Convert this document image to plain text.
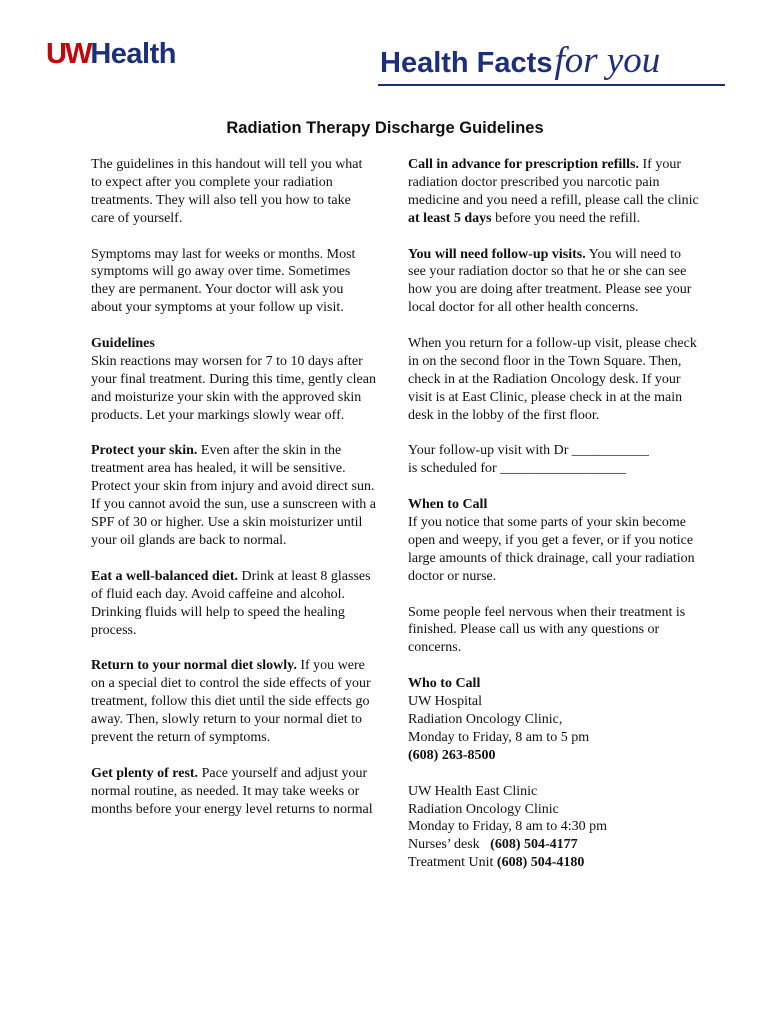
UWHealth	Health Factsfor you
Radiation Therapy Discharge Guidelines

The guidelines in this handout will tell you what to expect after you complete your radiation treatments. They will also tell you how to take care of yourself.

Symptoms may last for weeks or months. Most symptoms will go away over time. Sometimes they are permanent. Your doctor will ask you about your symptoms at your follow up visit.

Guidelines
Skin reactions may worsen for 7 to 10 days after your final treatment. During this time, gently clean and moisturize your skin with the approved skin products. Let your markings slowly wear off.

Protect your skin. Even after the skin in the treatment area has healed, it will be sensitive. Protect your skin from injury and avoid direct sun. If you cannot avoid the sun, use a sunscreen with a SPF of 30 or higher. Use a skin moisturizer until your oil glands are back to normal.

Eat a well-balanced diet. Drink at least 8 glasses of fluid each day. Avoid caffeine and alcohol. Drinking fluids will help to speed the healing process.

Return to your normal diet slowly. If you were on a special diet to control the side effects of your treatment, follow this diet until the side effects go away. Then, slowly return to your normal diet to prevent the return of symptoms.

Get plenty of rest. Pace yourself and adjust your normal routine, as needed. It may take weeks or months before your energy level returns to normal

Call in advance for prescription refills. If your radiation doctor prescribed you narcotic pain medicine and you need a refill, please call the clinic at least 5 days before you need the refill.

You will need follow-up visits. You will need to see your radiation doctor so that he or she can see how you are doing after treatment. Please see your local doctor for all other health concerns.

When you return for a follow-up visit, please check in on the second floor in the Town Square. Then, check in at the Radiation Oncology desk. If your visit is at East Clinic, please check in at the main desk in the lobby of the first floor.

Your follow-up visit with Dr ___________
is scheduled for __________________

When to Call
If you notice that some parts of your skin become open and weepy, if you get a fever, or if you notice large amounts of thick drainage, call your radiation doctor or nurse.

Some people feel nervous when their treatment is finished. Please call us with any questions or concerns.

Who to Call
UW Hospital
Radiation Oncology Clinic,
Monday to Friday, 8 am to 5 pm
(608) 263-8500

UW Health East Clinic
Radiation Oncology Clinic
Monday to Friday, 8 am to 4:30 pm
Nurses’ desk   (608) 504-4177
Treatment Unit (608) 504-4180
